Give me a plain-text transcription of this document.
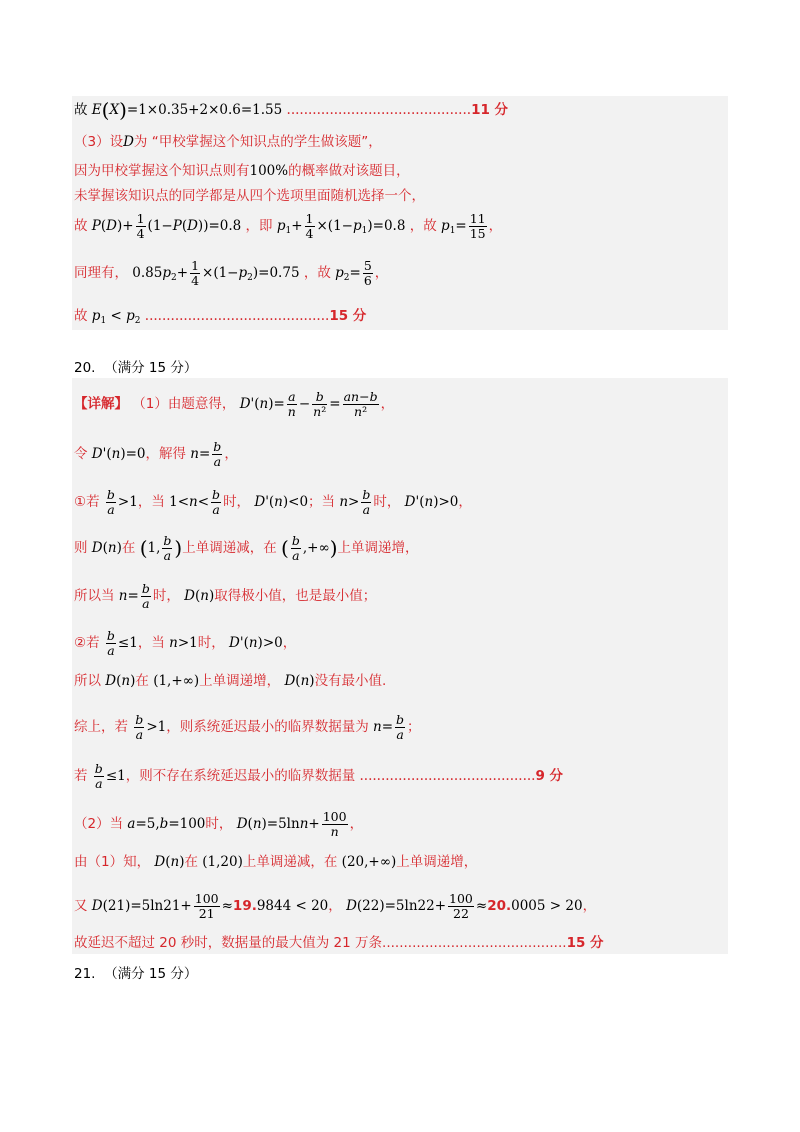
故 E(X)=1×0.35+2×0.6=1.55 ...........................................11 分
（3）设D为 “甲校掌握这个知识点的学生做该题”，
因为甲校掌握这个知识点则有100%的概率做对该题目，
未掌握该知识点的同学都是从四个选项里面随机选择一个，
故 $P(D)+ \frac{1}{4} (1-P(D))=0.8$ ，即 $p_1+ \frac{1}{4} \times(1-p_1)=0.8$ ，故 $p_1= \frac{11}{15}$ ，
同理有， $0.85p_2+ \frac{1}{4} \times(1-p_2)=0.75$ ，故 $p_2= \frac{5}{6}$ ，
故 $p_1 < p_2$ ...........................................15 分
20. （满分 15 分）
【详解】 （1）由题意得， $D'(n)= \frac{a}{n} - \frac{b}{\text{n²}} = \frac{an-b}{\text{n²}}$ ，
令 D'(n)=0，解得 $n= \frac{b}{a}$ ，
①若 $\frac{b}{a} >1$，当 $1<n< \frac{b}{a}$ 时， D'(n)<0；当 $n> \frac{b}{a}$ 时， D'(n)>0，
则 D(n)在 (1, $\frac{b}{a}$ )上单调递减，在 ( $\frac{b}{a}$ ,+∞)上单调递增，
所以当 $n= \frac{b}{a}$ 时， D(n)取得极小值，也是最小值；
②若 $\frac{b}{a} \le 1$，当 n>1时， D'(n)>0，
所以 D(n)在 (1,+∞)上单调递增， D(n)没有最小值.
综上，若 $\frac{b}{a} >1$，则系统延迟最小的临界数据量为 $n= \frac{b}{a}$ ；
若 $\frac{b}{a} \le 1$，则不存在系统延迟最小的临界数据量 .........................................9 分
（2）当 a=5,b=100时， $D(n)=5\ln n+ \frac{100}{n}$ ，
由（1）知， D(n)在 (1,20)上单调递减，在 (20,+∞)上单调递增，
又 $D(21)=5\ln 21+ \frac{100}{21} \approx 19.9844 < 20$， $D(22)=5\ln 22+ \frac{100}{22} \approx 20.0005 > 20$，
故延迟不超过 20 秒时，数据量的最大值为 21 万条...........................................15 分
21. （满分 15 分）
